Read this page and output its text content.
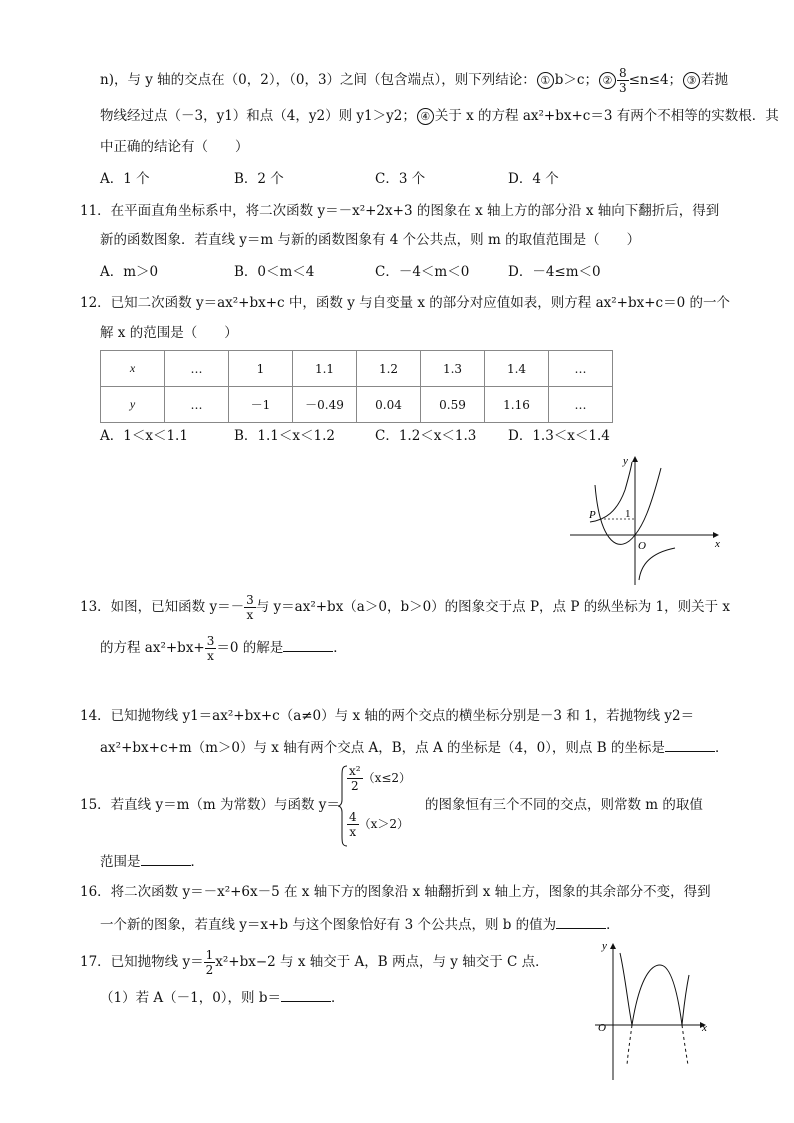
n)，与 y 轴的交点在（0，2），（0，3）之间（包含端点），则下列结论： ① b＞c； ② $\frac{8}{3} \le n\le 4$； ③ 若抛
物线经过点（－3，y1）和点（4，y2）则 y1＞y2； ④ 关于 x 的方程 ax²+bx+c＝3 有两个不相等的实数根．其
中正确的结论有（　　）
A．1 个	B．2 个	C．3 个	D．4 个
11．在平面直角坐标系中，将二次函数 y＝－x²+2x+3 的图象在 x 轴上方的部分沿 x 轴向下翻折后，得到
新的函数图象．若直线 y＝m 与新的函数图象有 4 个公共点，则 m 的取值范围是（　　）
A．m＞0	B．0＜m＜4	C．－4＜m＜0	D．－4≤m＜0
12．已知二次函数 y＝ax²+bx+c 中，函数 y 与自变量 x 的部分对应值如表，则方程 ax²+bx+c＝0 的一个
解 x 的范围是（　　）
x	…	1	1.1	1.2	1.3	1.4	…
y	…	－1	－0.49	0.04	0.59	1.16	…
A．1＜x＜1.1	B．1.1＜x＜1.2	C．1.2＜x＜1.3 D．1.3＜x＜1.4
P	1
O	x
y
13．如图，已知函数 $y=- \frac{3}{x}$ 与 y＝ax²+bx（a＞0，b＞0）的图象交于点 P，点 P 的纵坐标为 1，则关于 x
的方程 $ax^2+bx+ \frac{3}{x} =0$ 的解是	．
14．已知抛物线 y1＝ax²+bx+c（a≠0）与 x 轴的两个交点的横坐标分别是－3 和 1，若抛物线 y2＝
ax²+bx+c+m（m＞0）与 x 轴有两个交点 A，B，点 A 的坐标是（4，0），则点 B 的坐标是	．
15．若直线 y＝m（m 为常数）与函数 y＝
$\frac{\text{x²}}{2} (x\le 2)$
$\frac{4}{x} (x>2)$
的图象恒有三个不同的交点，则常数 m 的取值
范围是	．
16．将二次函数 y＝－x²+6x－5 在 x 轴下方的图象沿 x 轴翻折到 x 轴上方，图象的其余部分不变，得到
一个新的图象，若直线 y＝x+b 与这个图象恰好有 3 个公共点，则 b 的值为	．
17．已知抛物线 $y= \frac{1}{2} x^2+bx-2$ 与 x 轴交于 A，B 两点，与 y 轴交于 C 点．
（1）若 A（－1，0），则 b＝	．
O	x
y
